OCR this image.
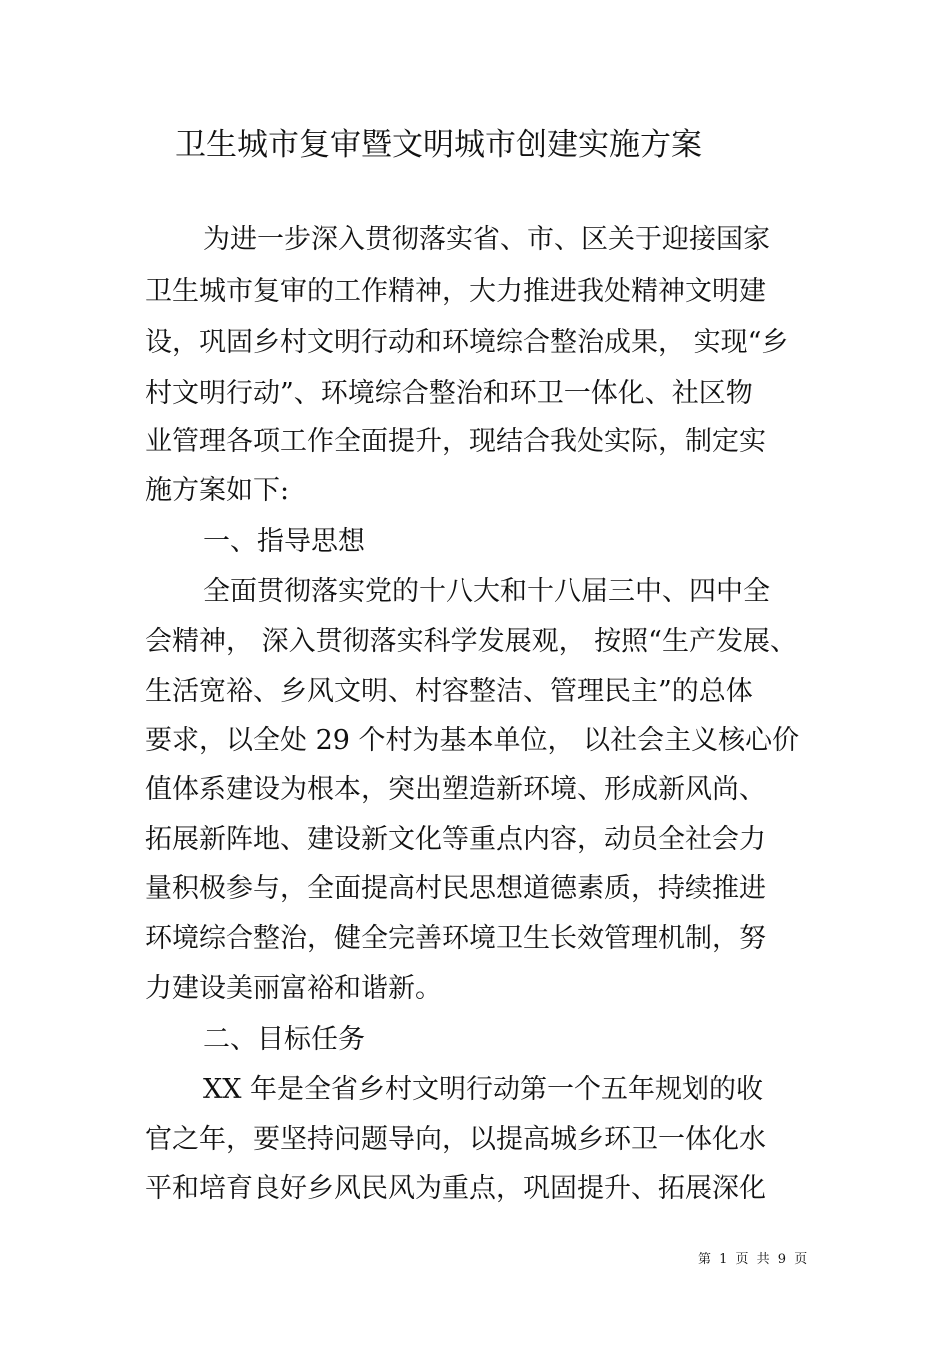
卫生城市复审暨文明城市创建实施方案
为进一步深入贯彻落实省、市、区关于迎接国家
卫生城市复审的工作精神，大力推进我处精神文明建
设，巩固乡村文明行动和环境综合整治成果， 实现“乡
村文明行动”、环境综合整治和环卫一体化、社区物
业管理各项工作全面提升，现结合我处实际，制定实
施方案如下:
一、指导思想
全面贯彻落实党的十八大和十八届三中、四中全
会精神， 深入贯彻落实科学发展观， 按照“生产发展、
生活宽裕、乡风文明、村容整洁、管理民主”的总体
要求，以全处 29 个村为基本单位， 以社会主义核心价
值体系建设为根本，突出塑造新环境、形成新风尚、
拓展新阵地、建设新文化等重点内容，动员全社会力
量积极参与，全面提高村民思想道德素质，持续推进
环境综合整治，健全完善环境卫生长效管理机制，努
力建设美丽富裕和谐新。
二、目标任务
XX 年是全省乡村文明行动第一个五年规划的收
官之年，要坚持问题导向，以提高城乡环卫一体化水
平和培育良好乡风民风为重点，巩固提升、拓展深化
第 1 页 共 9 页
